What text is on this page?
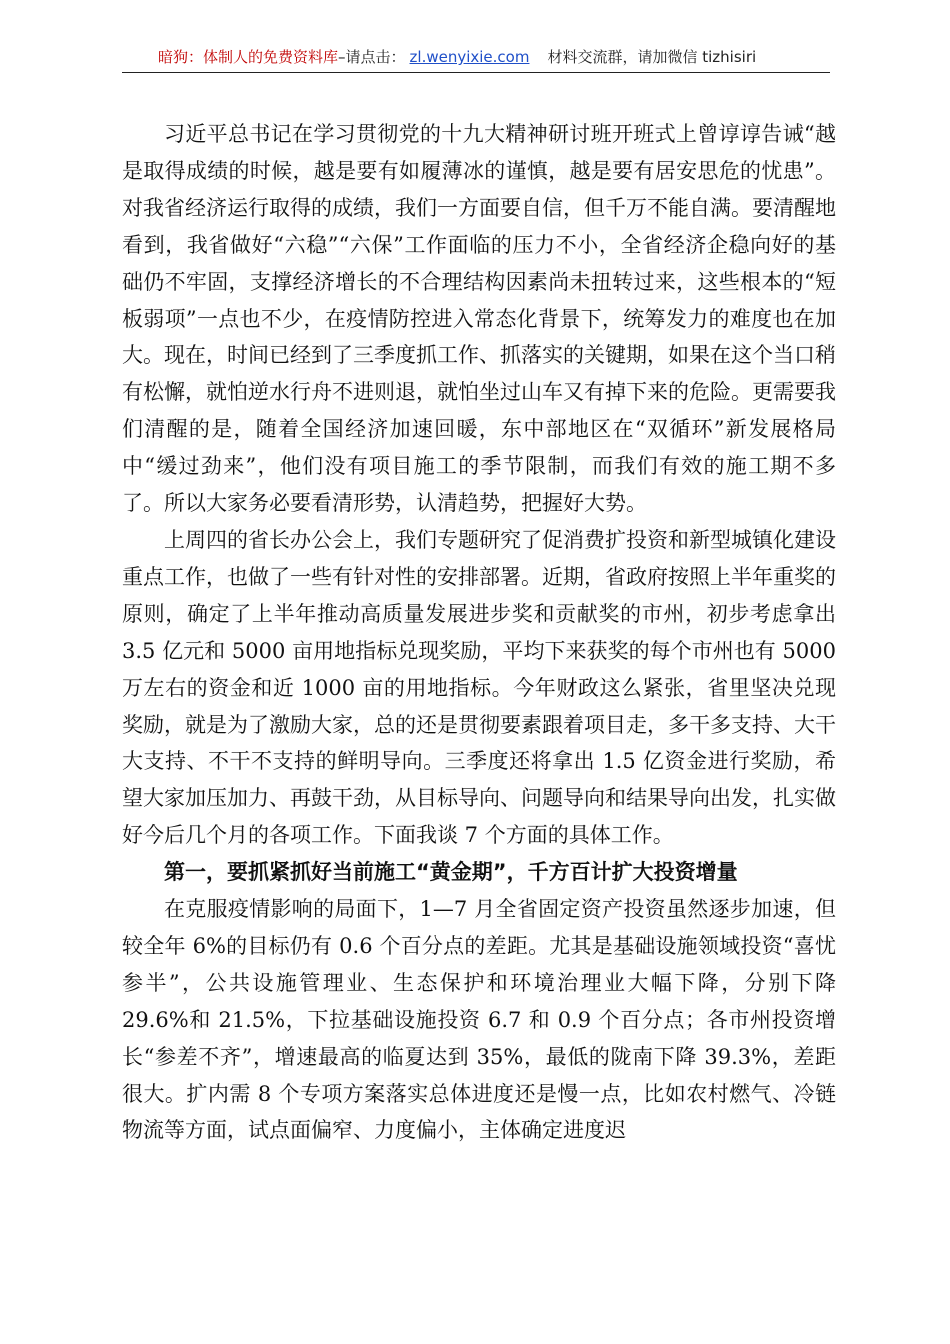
暗狗：体制人的免费资料库–请点击： zl.wenyixie.com 材料交流群，请加微信 tizhisiri

习近平总书记在学习贯彻党的十九大精神研讨班开班式上曾谆谆告诫“越是取得成绩的时候，越是要有如履薄冰的谨慎，越是要有居安思危的忧患”。对我省经济运行取得的成绩，我们一方面要自信，但千万不能自满。要清醒地看到，我省做好“六稳”“六保”工作面临的压力不小，全省经济企稳向好的基础仍不牢固，支撑经济增长的不合理结构因素尚未扭转过来，这些根本的“短板弱项”一点也不少，在疫情防控进入常态化背景下，统筹发力的难度也在加大。现在，时间已经到了三季度抓工作、抓落实的关键期，如果在这个当口稍有松懈，就怕逆水行舟不进则退，就怕坐过山车又有掉下来的危险。更需要我们清醒的是，随着全国经济加速回暖，东中部地区在“双循环”新发展格局中“缓过劲来”，他们没有项目施工的季节限制，而我们有效的施工期不多了。所以大家务必要看清形势，认清趋势，把握好大势。

上周四的省长办公会上，我们专题研究了促消费扩投资和新型城镇化建设重点工作，也做了一些有针对性的安排部署。近期，省政府按照上半年重奖的原则，确定了上半年推动高质量发展进步奖和贡献奖的市州，初步考虑拿出 3.5 亿元和 5000 亩用地指标兑现奖励，平均下来获奖的每个市州也有 5000 万左右的资金和近 1000 亩的用地指标。今年财政这么紧张，省里坚决兑现奖励，就是为了激励大家，总的还是贯彻要素跟着项目走，多干多支持、大干大支持、不干不支持的鲜明导向。三季度还将拿出 1.5 亿资金进行奖励，希望大家加压加力、再鼓干劲，从目标导向、问题导向和结果导向出发，扎实做好今后几个月的各项工作。下面我谈 7 个方面的具体工作。

第一，要抓紧抓好当前施工“黄金期”，千方百计扩大投资增量

在克服疫情影响的局面下，1—7 月全省固定资产投资虽然逐步加速，但较全年 6%的目标仍有 0.6 个百分点的差距。尤其是基础设施领域投资“喜忧参半”，公共设施管理业、生态保护和环境治理业大幅下降，分别下降 29.6%和 21.5%，下拉基础设施投资 6.7 和 0.9 个百分点；各市州投资增长“参差不齐”，增速最高的临夏达到 35%，最低的陇南下降 39.3%，差距很大。扩内需 8 个专项方案落实总体进度还是慢一点，比如农村燃气、冷链物流等方面，试点面偏窄、力度偏小，主体确定进度迟
